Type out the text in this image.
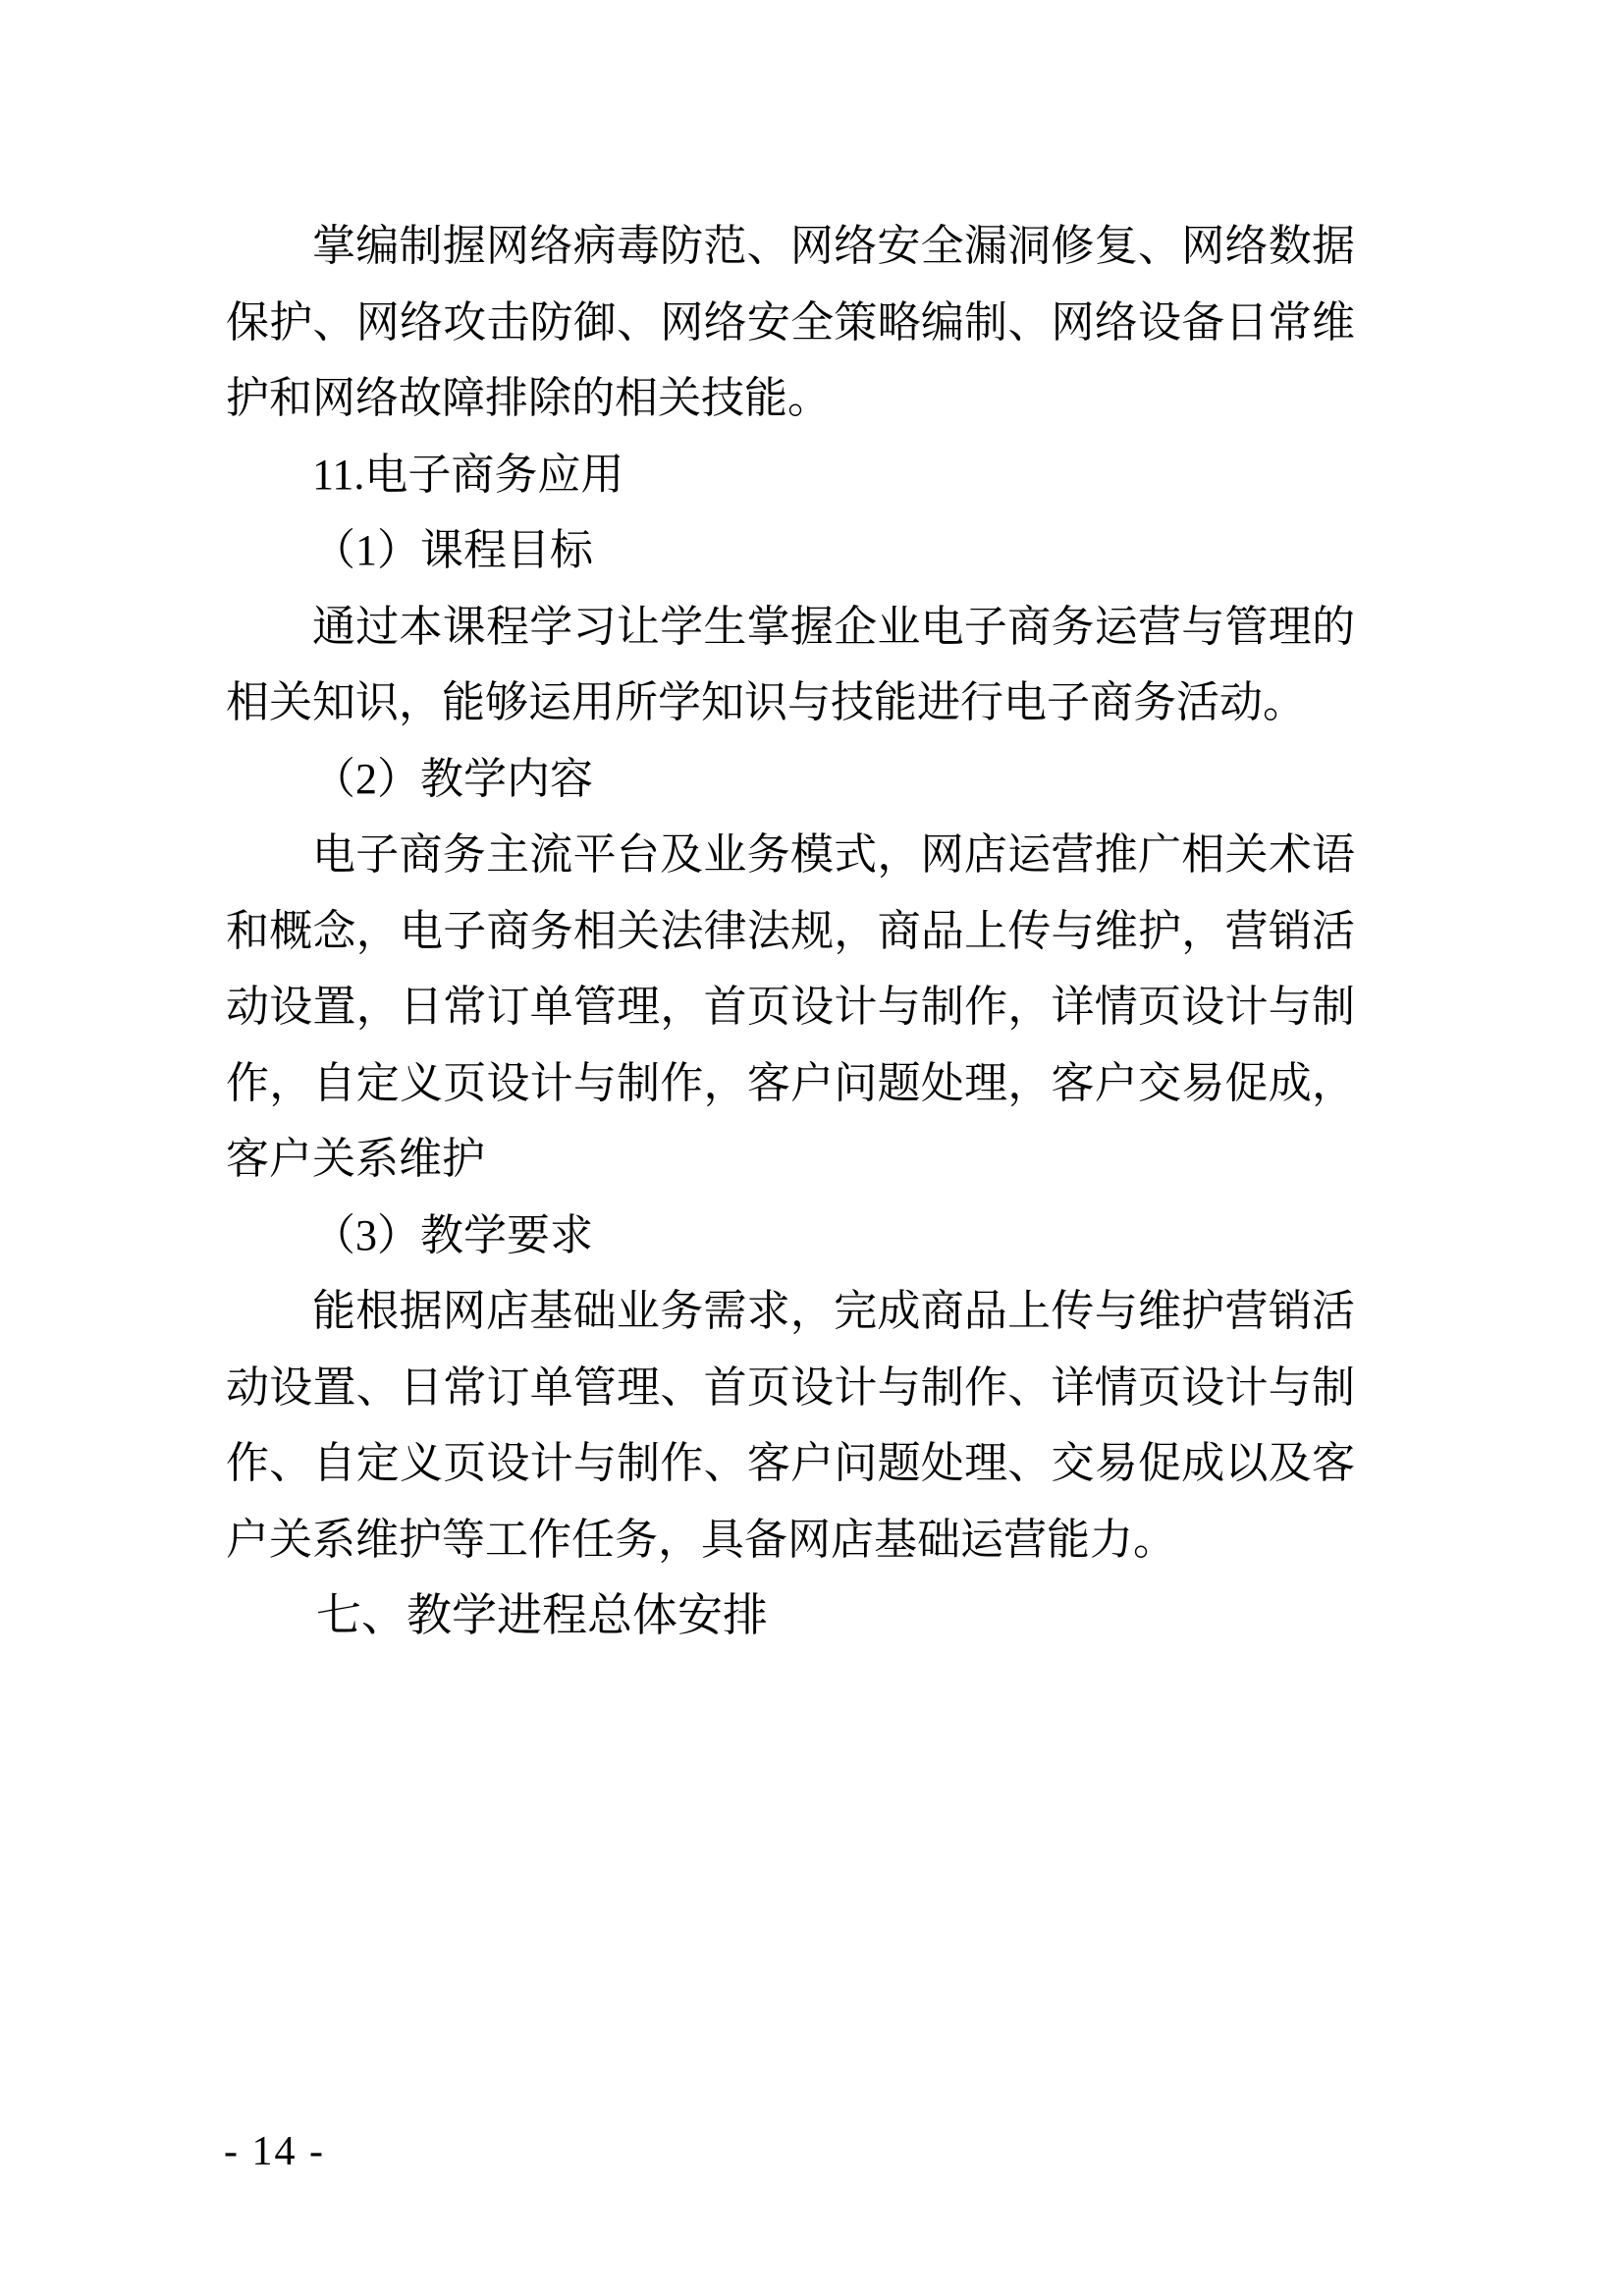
掌编制握网络病毒防范、网络安全漏洞修复、网络数据保护、网络攻击防御、网络安全策略编制、网络设备日常维护和网络故障排除的相关技能。

11.电子商务应用

（1）课程目标

通过本课程学习让学生掌握企业电子商务运营与管理的相关知识，能够运用所学知识与技能进行电子商务活动。

（2）教学内容

电子商务主流平台及业务模式，网店运营推广相关术语和概念，电子商务相关法律法规，商品上传与维护，营销活动设置，日常订单管理，首页设计与制作，详情页设计与制作，自定义页设计与制作，客户问题处理，客户交易促成，客户关系维护

（3）教学要求

能根据网店基础业务需求，完成商品上传与维护营销活动设置、日常订单管理、首页设计与制作、详情页设计与制作、自定义页设计与制作、客户问题处理、交易促成以及客户关系维护等工作任务，具备网店基础运营能力。

七、教学进程总体安排
- 14 -
